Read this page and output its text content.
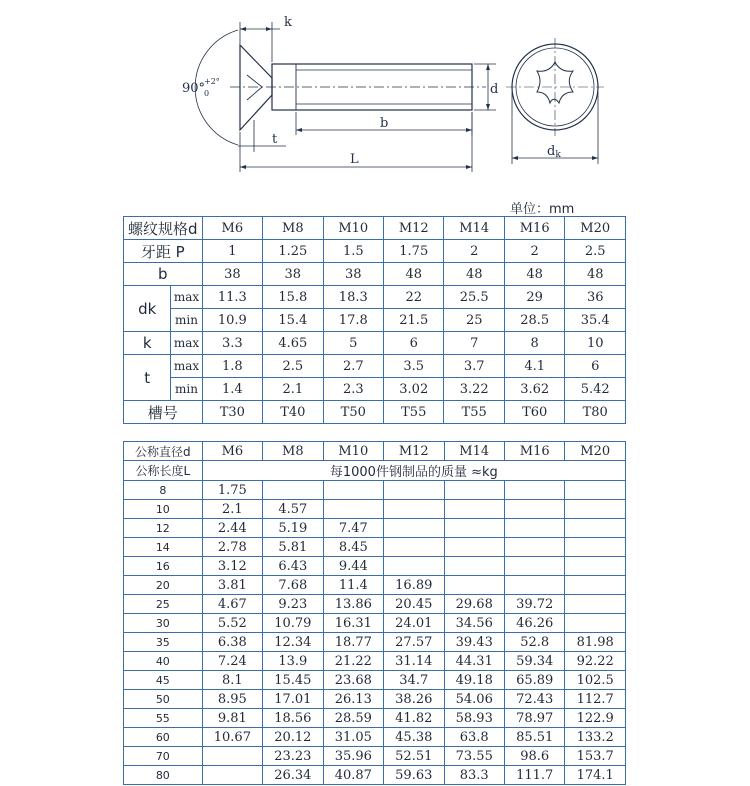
k
90°
+2°
0	d
b
t
L
dk
单位：mm
螺纹规格d		M6	M8	M10	M12	M14	M16	M20
牙距 P		1	1.25	1.5	1.75	2	2	2.5
b		38	38	38	48	48	48	48
dk	max	11.3	15.8	18.3	22	25.5	29	36
	min	10.9	15.4	17.8	21.5	25	28.5	35.4
k	max	3.3	4.65	5	6	7	8	10
t	max	1.8	2.5	2.7	3.5	3.7	4.1	6
	min	1.4	2.1	2.3	3.02	3.22	3.62	5.42
槽号		T30	T40	T50	T55	T55	T60	T80
公称直径d	M6	M8	M10	M12	M14	M16	M20
公称长度L	每1000件钢制品的质量 ≈kg						
8	1.75						
10	2.1	4.57					
12	2.44	5.19	7.47				
14	2.78	5.81	8.45				
16	3.12	6.43	9.44				
20	3.81	7.68	11.4	16.89			
25	4.67	9.23	13.86	20.45	29.68	39.72	
30	5.52	10.79	16.31	24.01	34.56	46.26	
35	6.38	12.34	18.77	27.57	39.43	52.8	81.98
40	7.24	13.9	21.22	31.14	44.31	59.34	92.22
45	8.1	15.45	23.68	34.7	49.18	65.89	102.5
50	8.95	17.01	26.13	38.26	54.06	72.43	112.7
55	9.81	18.56	28.59	41.82	58.93	78.97	122.9
60	10.67	20.12	31.05	45.38	63.8	85.51	133.2
70		23.23	35.96	52.51	73.55	98.6	153.7
80		26.34	40.87	59.63	83.3	111.7	174.1
